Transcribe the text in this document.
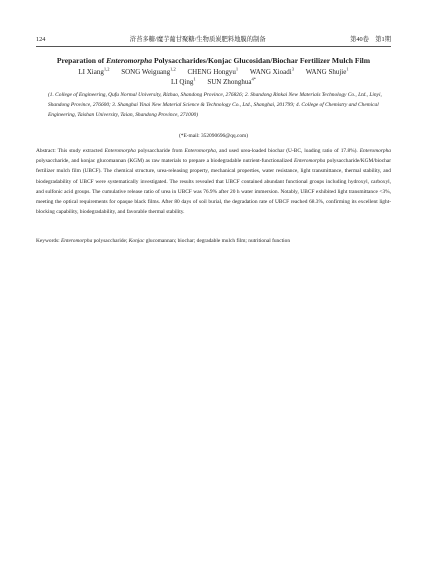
124	浒苔多糖/魔芋葡甘聚糖/生物质炭肥料地膜的制备	第40卷　第1期
Preparation of Enteromorpha Polysaccharides/Konjac Glucosidan/Biochar Fertilizer Mulch Film
LI Xiang$^{1,2}$ SONG Weiguang$^{1,2}$ CHENG Hongyu$^1$ WANG Xioadi$^3$ WANG Shujie$^1$
LI Qing$^1$ SUN Zhonghua$^{4*}$
(1. College of Engineering, Qufu Normal University, Rizhao, Shandong Province, 276826; 2. Shandong Rinkai New Materials Technology Co., Ltd., Linyi, Shandong Province, 276600; 3. Shanghai Yinai New Material Science & Technology Co., Ltd., Shanghai, 201799; 4. College of Chemistry and Chemical Engineering, Taishan University, Taian, Shandong Province, 271000)
(*E-mail: 352090696@qq.com)
Abstract: This study extracted Enteromorpha polysaccharide from Enteromorpha, and used urea-loaded biochar (U-BC, loading ratio of 17.8%). Enteromorpha polysaccharide, and konjac glucomannan (KGM) as raw materials to prepare a biodegradable nutrient-functionalized Enteromorpha polysaccharide/KGM/biochar fertilizer mulch film (UBCF). The chemical structure, urea-releasing property, mechanical properties, water resistance, light transmittance, thermal stability, and biodegradability of UBCF were systematically investigated. The results revealed that UBCF contained abundant functional groups including hydroxyl, carboxyl, and sulfonic acid groups. The cumulative release ratio of urea in UBCF was 76.9% after 20 h water immersion. Notably, UBCF exhibited light transmittance <3%, meeting the optical requirements for opaque black films. After 80 days of soil burial, the degradation rate of UBCF reached 68.3%, confirming its excellent light-blocking capability, biodegradability, and favorable thermal stability.
Keywords: Enteromorpha polysaccharide; Konjac glucomannan; biochar; degradable mulch film; nutritional function
